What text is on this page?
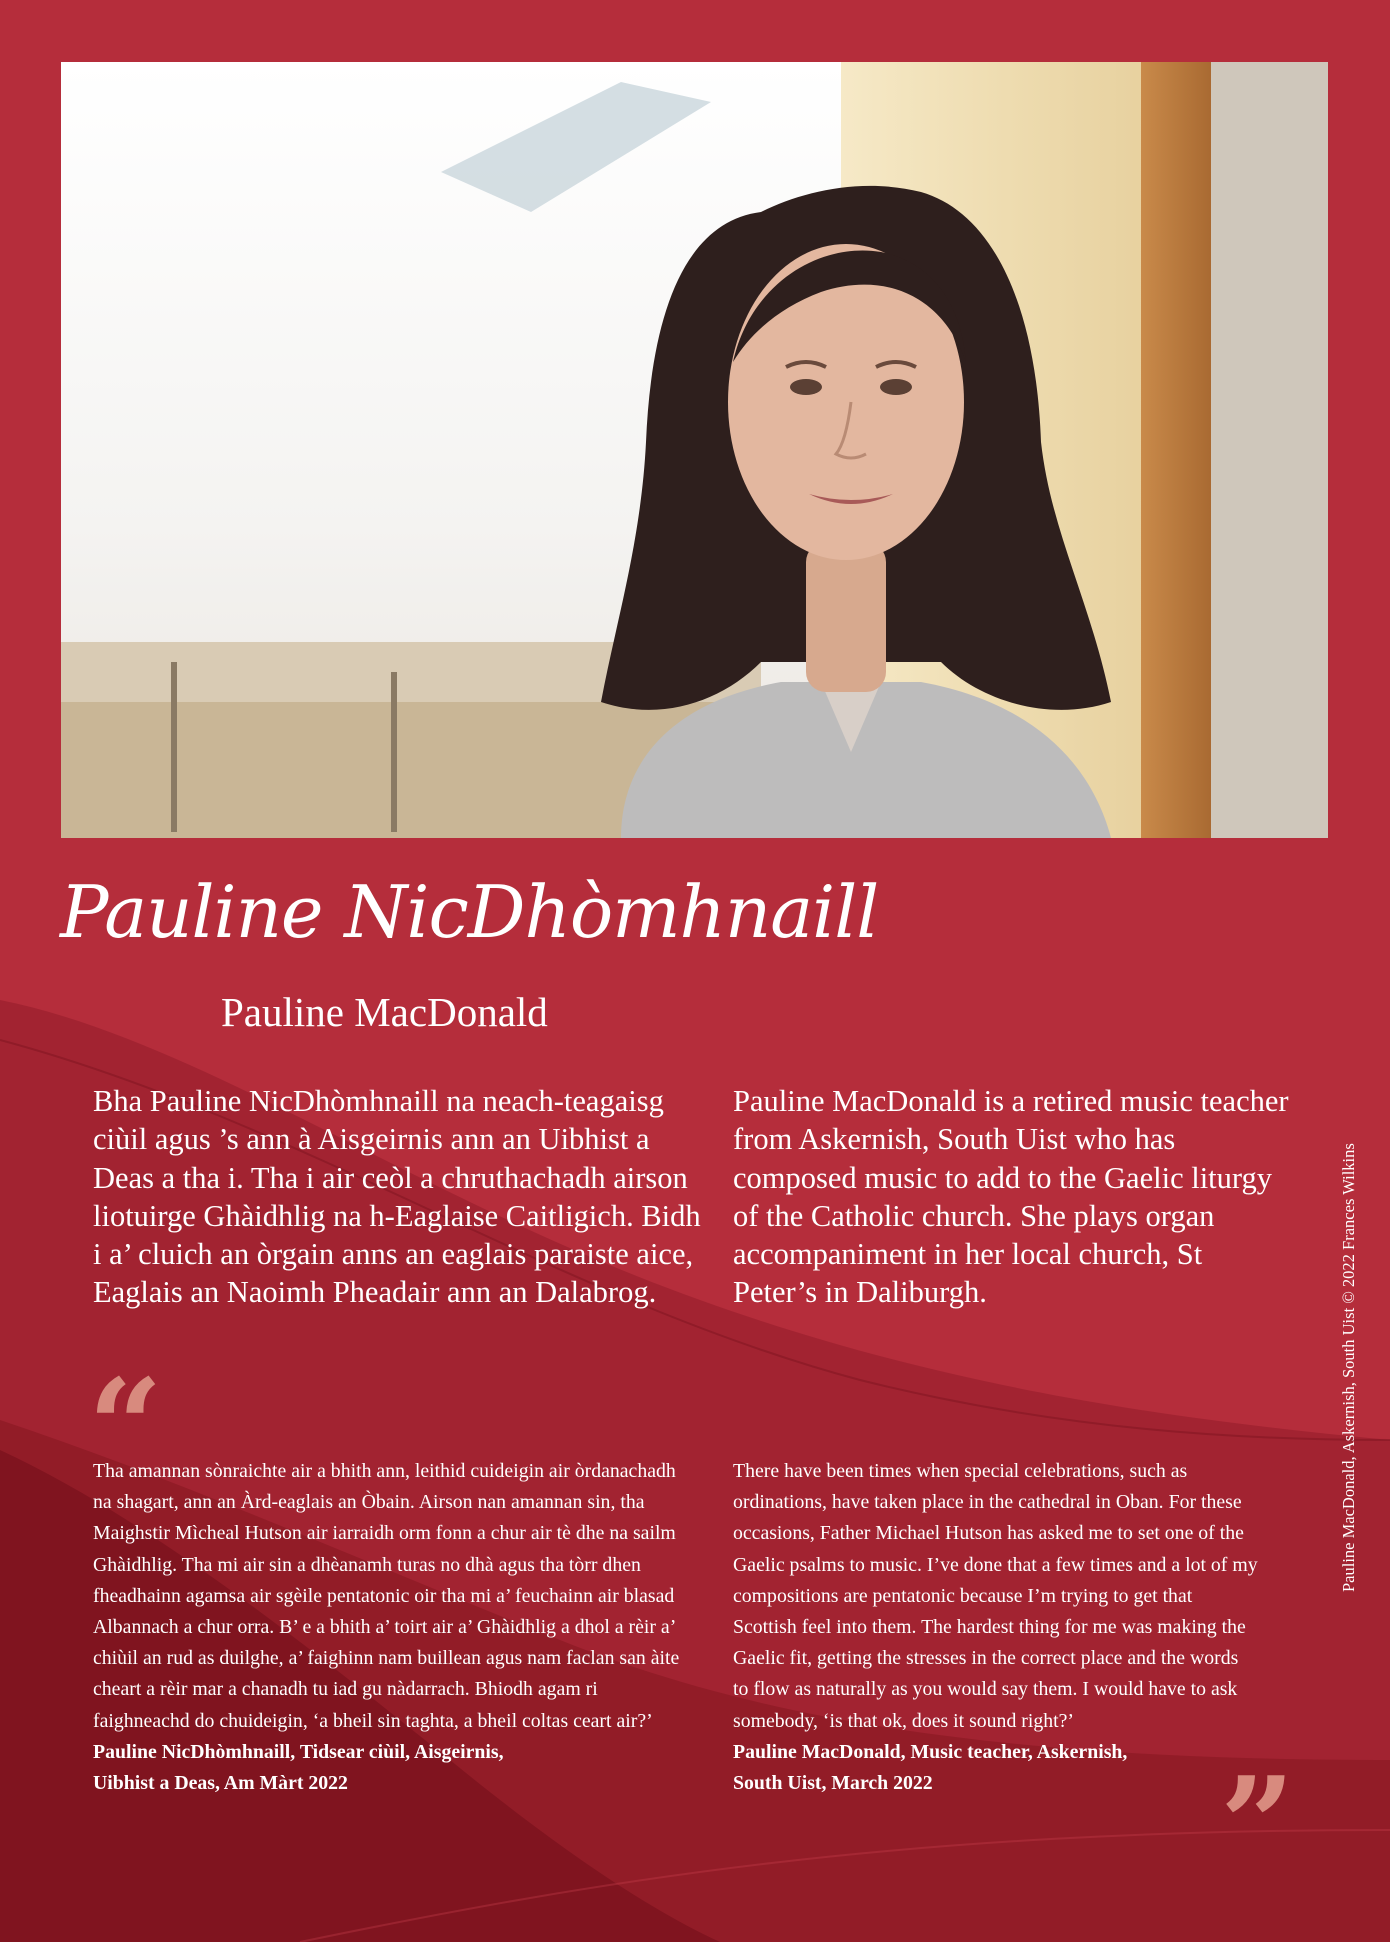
Pauline NicDhòmhnaill
Pauline MacDonald
Bha Pauline NicDhòmhnaill na neach-teagaisg ciùil agus ’s ann à Aisgeirnis ann an Uibhist a Deas a tha i. Tha i air ceòl a chruthachadh airson liotuirge Ghàidhlig na h-Eaglaise Caitligich. Bidh i a’ cluich an òrgain anns an eaglais paraiste aice, Eaglais an Naoimh Pheadair ann an Dalabrog.
Pauline MacDonald is a retired music teacher from Askernish, South Uist who has composed music to add to the Gaelic liturgy of the Catholic church. She plays organ accompaniment in her local church, St Peter’s in Daliburgh.
“
Tha amannan sònraichte air a bhith ann, leithid cuideigin air òrdanachadh na shagart, ann an Àrd-eaglais an Òbain. Airson nan amannan sin, tha Maighstir Mìcheal Hutson air iarraidh orm fonn a chur air tè dhe na sailm Ghàidhlig. Tha mi air sin a dhèanamh turas no dhà agus tha tòrr dhen fheadhainn agamsa air sgèile pentatonic oir tha mi a’ feuchainn air blasad Albannach a chur orra. B’ e a bhith a’ toirt air a’ Ghàidhlig a dhol a rèir a’ chiùil an rud as duilghe, a’ faighinn nam buillean agus nam faclan san àite cheart a rèir mar a chanadh tu iad gu nàdarrach. Bhiodh agam ri faighneachd do chuideigin, ‘a bheil sin taghta, a bheil coltas ceart air?’
Pauline NicDhòmhnaill, Tidsear ciùil, Aisgeirnis,
Uibhist a Deas, Am Màrt 2022
There have been times when special celebrations, such as ordinations, have taken place in the cathedral in Oban. For these occasions, Father Michael Hutson has asked me to set one of the Gaelic psalms to music. I’ve done that a few times and a lot of my compositions are pentatonic because I’m trying to get that Scottish feel into them. The hardest thing for me was making the Gaelic fit, getting the stresses in the correct place and the words to flow as naturally as you would say them. I would have to ask somebody, ‘is that ok, does it sound right?’
Pauline MacDonald, Music teacher, Askernish,
South Uist, March 2022	”
Pauline MacDonald, Askernish, South Uist © 2022 Frances Wilkins
